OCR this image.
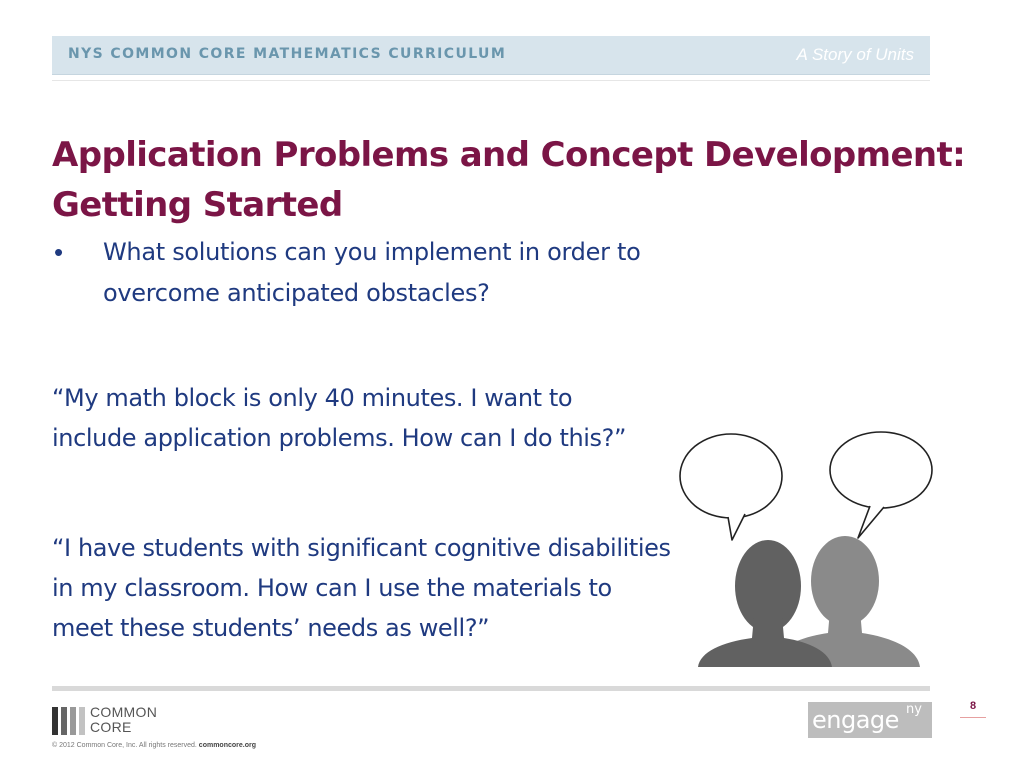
NYS COMMON CORE MATHEMATICS CURRICULUM	A Story of Units
Application Problems and Concept Development: Getting Started
• What solutions can you implement in order to overcome anticipated obstacles?

“My math block is only 40 minutes. I want to include application problems. How can I do this?”

“I have students with significant cognitive disabilities in my classroom. How can I use the materials to meet these students’ needs as well?”

COMMON
CORE
© 2012 Common Core, Inc. All rights reserved. commoncore.org
engage ny	8
